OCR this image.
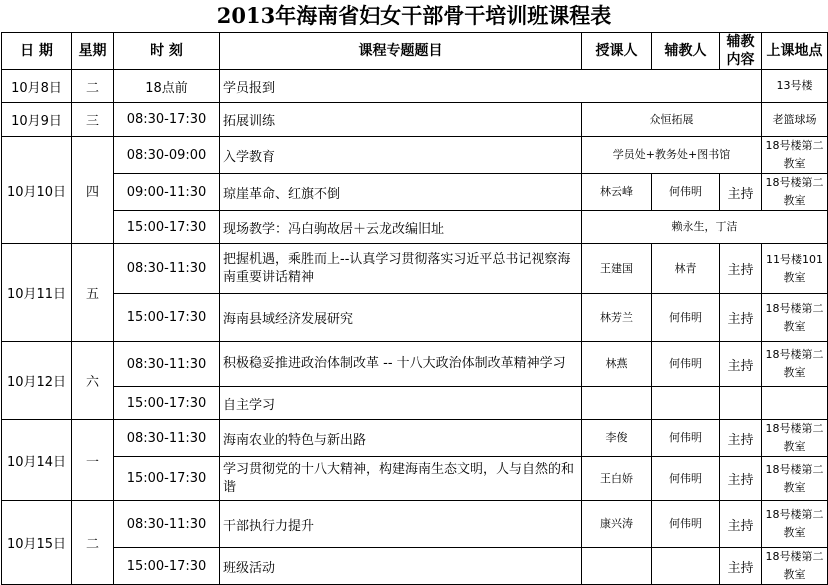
2013年海南省妇女干部骨干培训班课程表
日 期	星期	时 刻	课程专题题目	授课人	辅教人	辅教内容	上课地点
10月8日	二	18点前	学员报到				13号楼
10月9日	三	08:30-17:30	拓展训练	众恒拓展			老篮球场
10月10日	四	08:30-09:00	入学教育	学员处+教务处+图书馆			18号楼第二教室
		09:00-11:30	琼崖革命、红旗不倒	林云峰	何伟明	主持	18号楼第二教室
		15:00-17:30	现场教学：冯白驹故居＋云龙改编旧址	赖永生，丁洁			
10月11日	五	08:30-11:30	把握机遇，乘胜而上--认真学习贯彻落实习近平总书记视察海南重要讲话精神	王建国	林青	主持	11号楼101教室
		15:00-17:30	海南县域经济发展研究	林芳兰	何伟明	主持	18号楼第二教室
10月12日	六	08:30-11:30	积极稳妥推进政治体制改革 -- 十八大政治体制改革精神学习	林燕	何伟明	主持	18号楼第二教室
		15:00-17:30	自主学习				
10月14日	一	08:30-11:30	海南农业的特色与新出路	李俊	何伟明	主持	18号楼第二教室
		15:00-17:30	学习贯彻党的十八大精神，构建海南生态文明，人与自然的和谐	王白娇	何伟明	主持	18号楼第二教室
10月15日	二	08:30-11:30	干部执行力提升	康兴涛	何伟明	主持	18号楼第二教室
		15:00-17:30	班级活动			主持	18号楼第二教室
